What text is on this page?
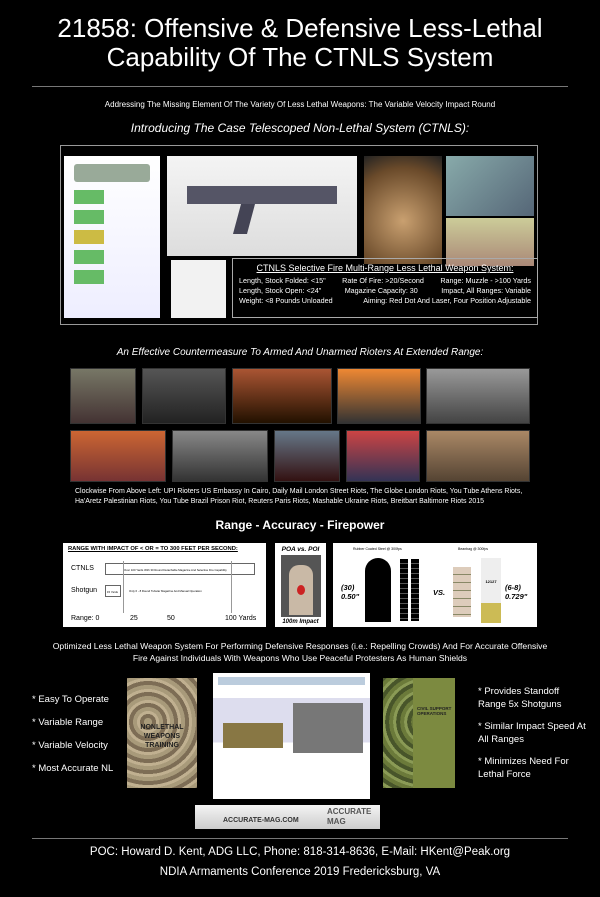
21858: Offensive & Defensive Less-Lethal Capability Of The CTNLS System
Addressing The Missing Element Of The Variety Of Less Lethal Weapons: The Variable Velocity Impact Round
Introducing The Case Telescoped Non-Lethal System (CTNLS):
CTNLS Selective Fire Multi-Range Less Lethal Weapon System:
Length, Stock Folded: <15" Rate Of Fire: >20/Second Range: Muzzle - >100 Yards
Length, Stock Open: <24"	Magazine Capacity: 30	Impact, All Ranges: Variable
Weight: <8 Pounds Unloaded	Aiming: Red Dot And Laser, Four Position Adjustable
An Effective Countermeasure To Armed And Unarmed Rioters At Extended Range:
Clockwise From Above Left: UPI Rioters US Embassy In Cairo, Daily Mail London Street Riots, The Globe London Riots, You Tube Athens Riots, Ha'Aretz Palestinian Riots, You Tube Brazil Prison Riot, Reuters Paris Riots, Mashable Ukraine Riots, Breitbart Baltimore Riots 2015
Range - Accuracy - Firepower
RANGE WITH IMPACT OF < OR = TO 300 FEET PER SECOND:
CTNLS	Over 100 Yards With 30 Round Detachable Magazine And Selective Fire Capability
Shotgun	15 Yards	Only 6 - 8 Round Tubular Magazine And Manual Operation
Range: 0	25	50	100 Yards
POA vs. POI
100m Impact
Rubber Coated Steel @ 300fps	Beanbag @ 300fps
(30)
0.50"	VS.
12127
(6-8)
0.729"
Optimized Less Lethal Weapon System For Performing Defensive Responses (i.e.: Repelling Crowds) And For Accurate Offensive Fire Against Individuals With Weapons Who Use Peaceful Protesters As Human Shields
* Easy To Operate
* Variable Range
* Variable Velocity
* Most Accurate NL
NONLETHAL WEAPONS TRAINING
CIVIL SUPPORT OPERATIONS
* Provides Standoff Range 5x Shotguns
* Similar Impact Speed At All Ranges
* Minimizes Need For Lethal Force
ACCURATE-MAG.COM
ACCURATE MAG
POC: Howard D. Kent, ADG LLC, Phone: 818-314-8636, E-Mail: HKent@Peak.org
NDIA Armaments Conference 2019 Fredericksburg, VA
